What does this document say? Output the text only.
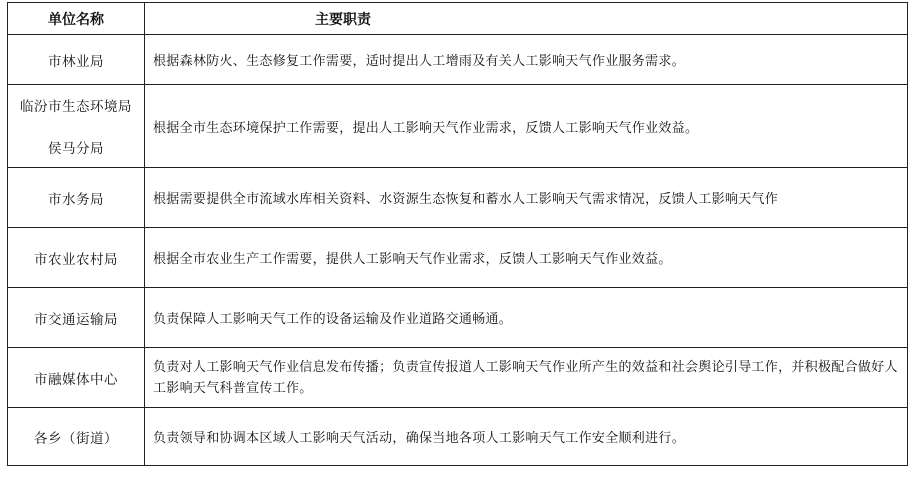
单位名称	主要职责

市林业局	根据森林防火、生态修复工作需要，适时提出人工增雨及有关人工影响天气作业服务需求。

临汾市生态环境局
侯马分局	根据全市生态环境保护工作需要，提出人工影响天气作业需求，反馈人工影响天气作业效益。

市水务局	根据需要提供全市流域水库相关资料、水资源生态恢复和蓄水人工影响天气需求情况，反馈人工影响天气作

市农业农村局	根据全市农业生产工作需要，提供人工影响天气作业需求，反馈人工影响天气作业效益。

市交通运输局	负责保障人工影响天气工作的设备运输及作业道路交通畅通。

市融媒体中心	负责对人工影响天气作业信息发布传播；负责宣传报道人工影响天气作业所产生的效益和社会舆论引导工作，并积极配合做好人工影响天气科普宣传工作。

各乡（街道）	负责领导和协调本区域人工影响天气活动，确保当地各项人工影响天气工作安全顺利进行。
